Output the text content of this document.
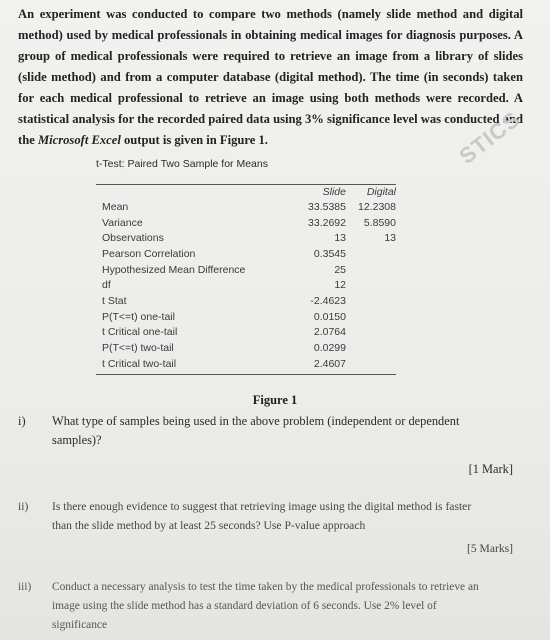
An experiment was conducted to compare two methods (namely slide method and digital method) used by medical professionals in obtaining medical images for diagnosis purposes. A group of medical professionals were required to retrieve an image from a library of slides (slide method) and from a computer database (digital method). The time (in seconds) taken for each medical professional to retrieve an image using both methods were recorded. A statistical analysis for the recorded paired data using 3% significance level was conducted and the Microsoft Excel output is given in Figure 1.	STICS
t-Test: Paired Two Sample for Means
Slide	Digital
Mean	33.5385	12.2308
Variance	33.2692	5.8590
Observations	13	13
Pearson Correlation	0.3545
Hypothesized Mean Difference	25
df	12
t Stat	-2.4623
P(T<=t) one-tail	0.0150
t Critical one-tail	2.0764
P(T<=t) two-tail	0.0299
t Critical two-tail	2.4607
Figure 1
i)	What type of samples being used in the above problem (independent or dependent samples)?
[1 Mark]
ii)	Is there enough evidence to suggest that retrieving image using the digital method is faster than the slide method by at least 25 seconds? Use P-value approach
[5 Marks]
iii)	Conduct a necessary analysis to test the time taken by the medical professionals to retrieve an image using the slide method has a standard deviation of 6 seconds. Use 2% level of significance
